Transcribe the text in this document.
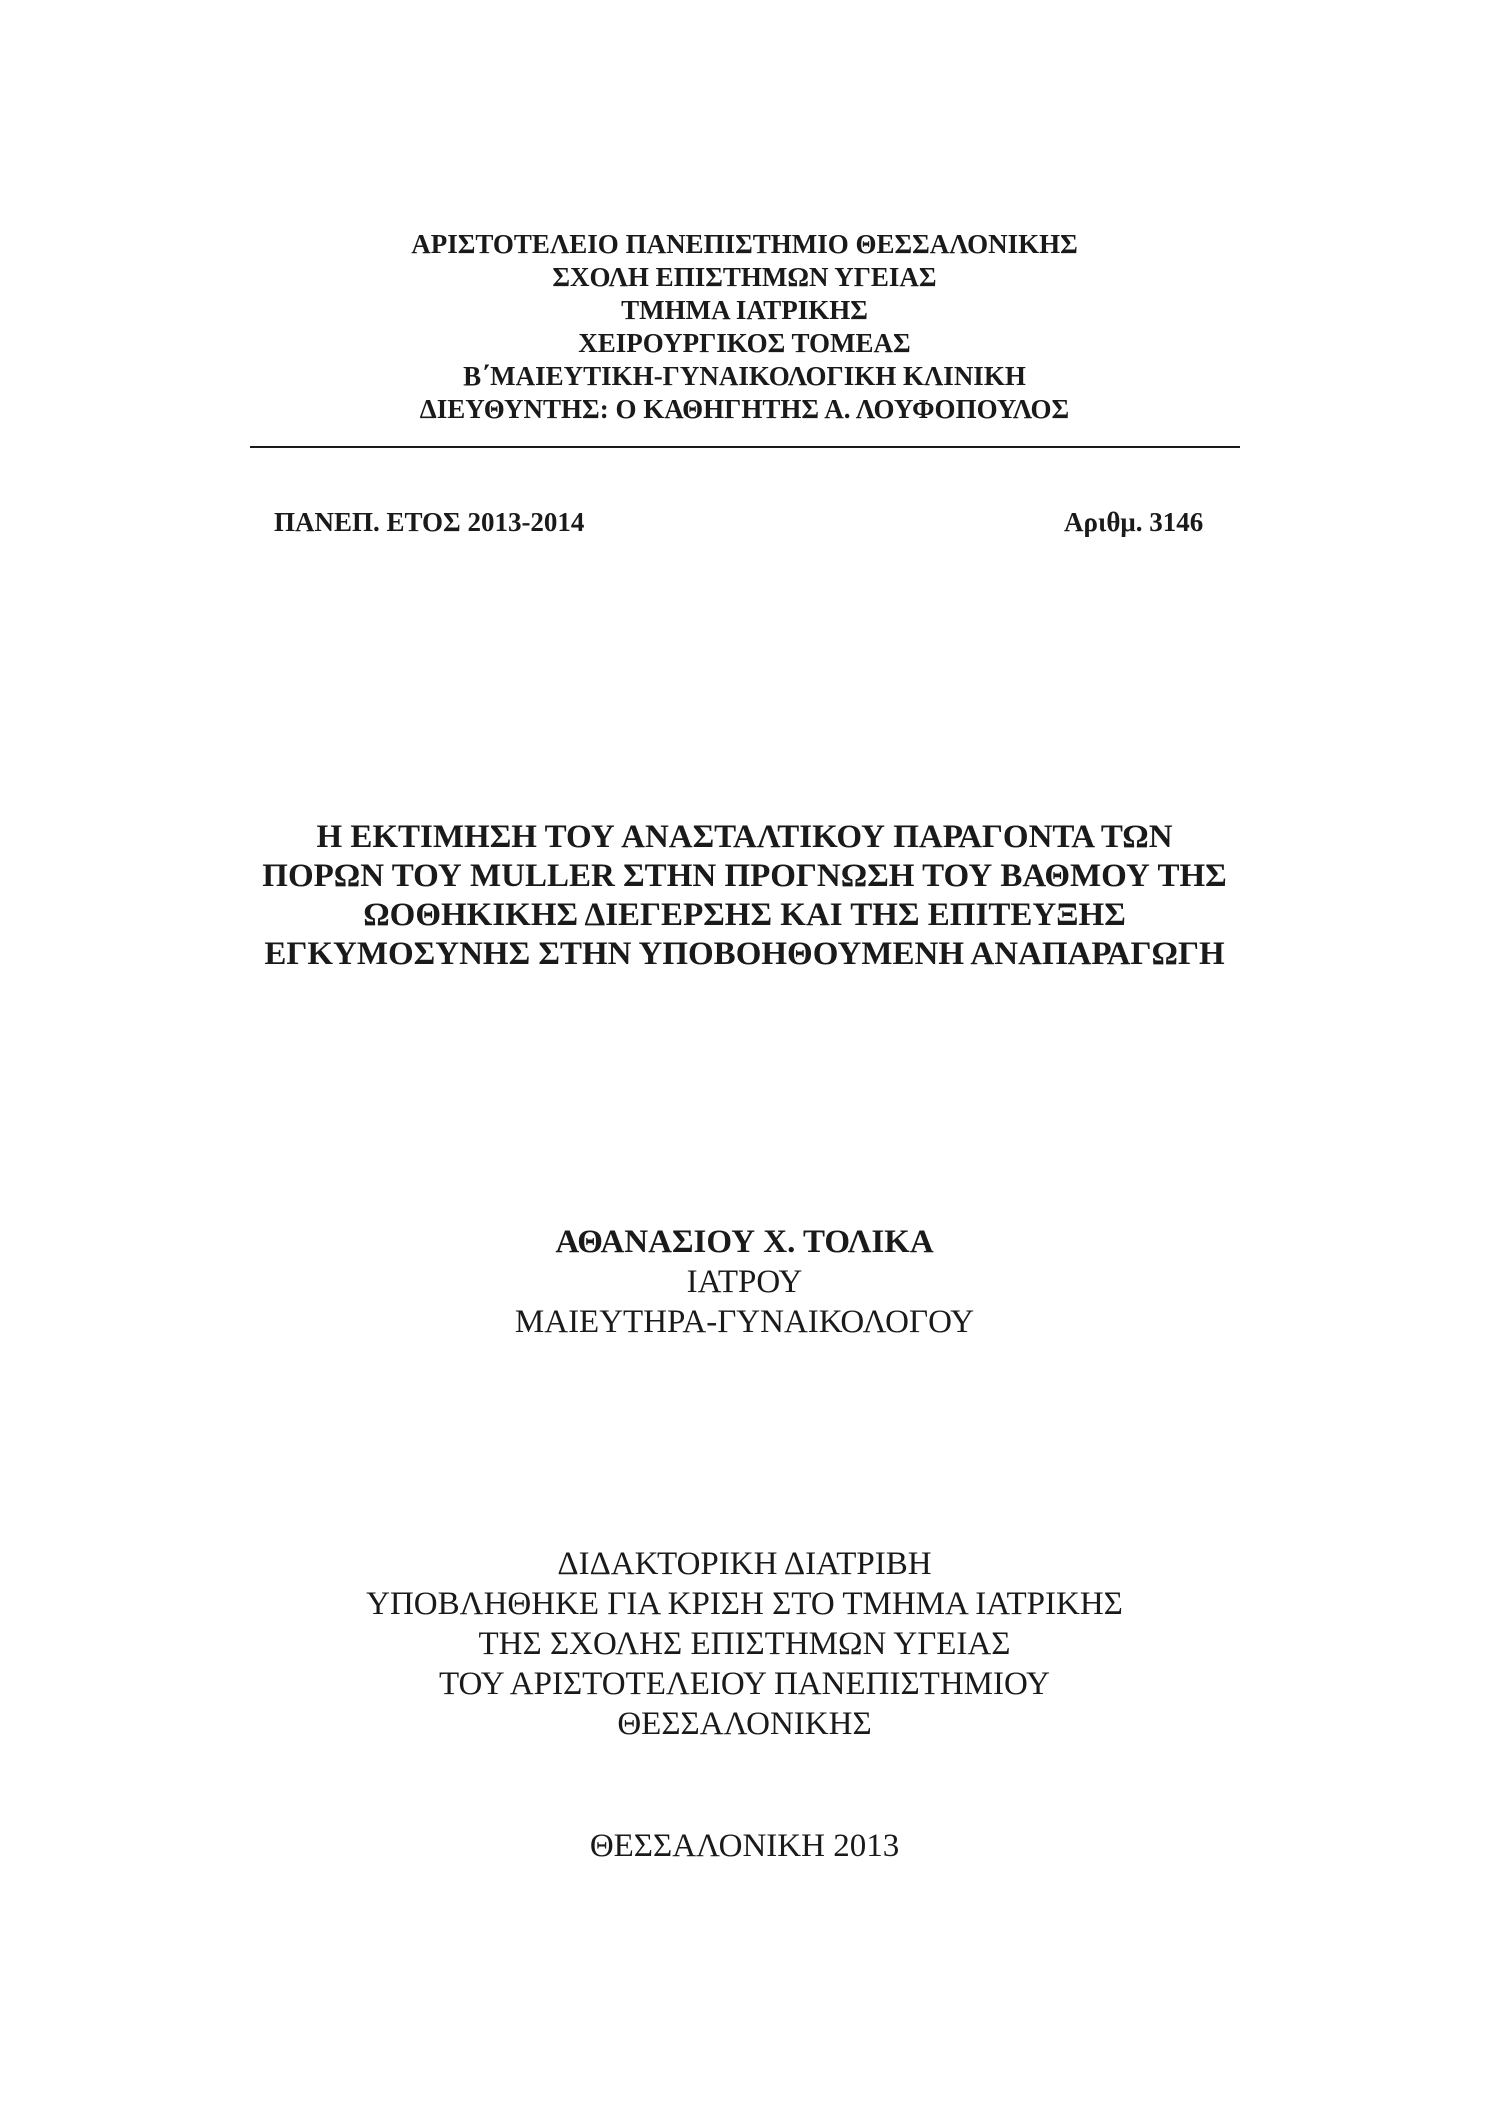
ΑΡΙΣΤΟΤΕΛΕΙΟ ΠΑΝΕΠΙΣΤΗΜΙΟ ΘΕΣΣΑΛΟΝΙΚΗΣ
ΣΧΟΛΗ ΕΠΙΣΤΗΜΩΝ ΥΓΕΙΑΣ
ΤΜΗΜΑ ΙΑΤΡΙΚΗΣ
ΧΕΙΡΟΥΡΓΙΚΟΣ ΤΟΜΕΑΣ
Β΄ΜΑΙΕΥΤΙΚΗ-ΓΥΝΑΙΚΟΛΟΓΙΚΗ ΚΛΙΝΙΚΗ
ΔΙΕΥΘΥΝΤΗΣ: Ο ΚΑΘΗΓΗΤΗΣ Α. ΛΟΥΦΟΠΟΥΛΟΣ
ΠΑΝΕΠ. ΕΤΟΣ 2013-2014	Αριθμ. 3146
Η ΕΚΤΙΜΗΣΗ ΤΟΥ ΑΝΑΣΤΑΛΤΙΚΟΥ ΠΑΡΑΓΟΝΤΑ ΤΩΝ
ΠΟΡΩΝ ΤΟΥ MULLER ΣΤΗΝ ΠΡΟΓΝΩΣΗ ΤΟΥ ΒΑΘΜΟΥ ΤΗΣ
ΩΟΘΗΚΙΚΗΣ ΔΙΕΓΕΡΣΗΣ ΚΑΙ ΤΗΣ ΕΠΙΤΕΥΞΗΣ
ΕΓΚΥΜΟΣΥΝΗΣ ΣΤΗΝ ΥΠΟΒΟΗΘΟΥΜΕΝΗ ΑΝΑΠΑΡΑΓΩΓΗ
ΑΘΑΝΑΣΙΟΥ Χ. ΤΟΛΙΚΑ
ΙΑΤΡΟΥ
ΜΑΙΕΥΤΗΡΑ-ΓΥΝΑΙΚΟΛΟΓΟΥ
ΔΙΔΑΚΤΟΡΙΚΗ ΔΙΑΤΡΙΒΗ
ΥΠΟΒΛΗΘΗΚΕ ΓΙΑ ΚΡΙΣΗ ΣΤΟ ΤΜΗΜΑ ΙΑΤΡΙΚΗΣ
ΤΗΣ ΣΧΟΛΗΣ ΕΠΙΣΤΗΜΩΝ ΥΓΕΙΑΣ
ΤΟΥ ΑΡΙΣΤΟΤΕΛΕΙΟΥ ΠΑΝΕΠΙΣΤΗΜΙΟΥ
ΘΕΣΣΑΛΟΝΙΚΗΣ
ΘΕΣΣΑΛΟΝΙΚΗ 2013
